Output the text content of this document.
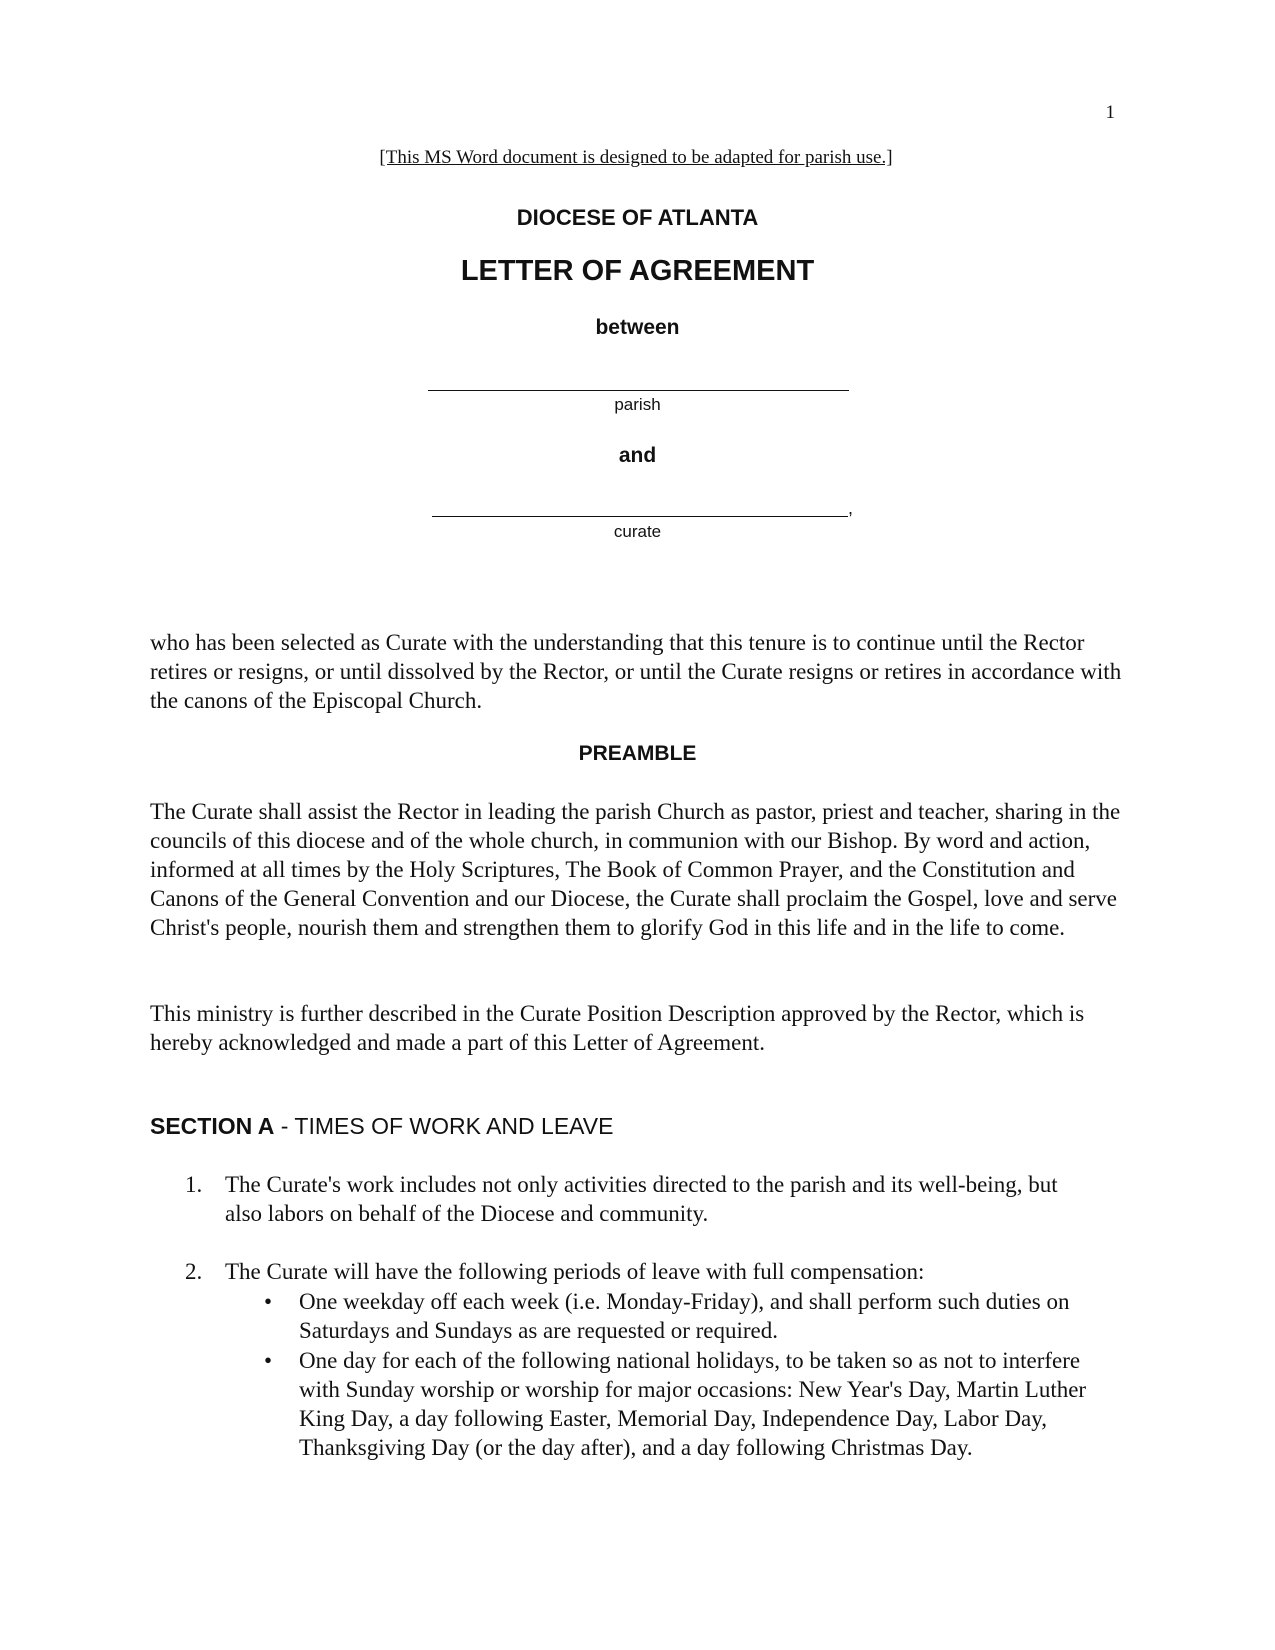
1
[This MS Word document is designed to be adapted for parish use.]
DIOCESE OF ATLANTA
LETTER OF AGREEMENT
between
parish
and
,
curate
who has been selected as Curate with the understanding that this tenure is to continue until the Rector retires or resigns, or until dissolved by the Rector, or until the Curate resigns or retires in accordance with the canons of the Episcopal Church.
PREAMBLE
The Curate shall assist the Rector in leading the parish Church as pastor, priest and teacher, sharing in the councils of this diocese and of the whole church, in communion with our Bishop. By word and action, informed at all times by the Holy Scriptures, The Book of Common Prayer, and the Constitution and Canons of the General Convention and our Diocese, the Curate shall proclaim the Gospel, love and serve Christ's people, nourish them and strengthen them to glorify God in this life and in the life to come.
This ministry is further described in the Curate Position Description approved by the Rector, which is hereby acknowledged and made a part of this Letter of Agreement.
SECTION A - TIMES OF WORK AND LEAVE
1. The Curate's work includes not only activities directed to the parish and its well-being, but also labors on behalf of the Diocese and community.
2. The Curate will have the following periods of leave with full compensation:
•	One weekday off each week (i.e. Monday-Friday), and shall perform such duties on Saturdays and Sundays as are requested or required.
•	One day for each of the following national holidays, to be taken so as not to interfere with Sunday worship or worship for major occasions: New Year's Day, Martin Luther King Day, a day following Easter, Memorial Day, Independence Day, Labor Day, Thanksgiving Day (or the day after), and a day following Christmas Day.
